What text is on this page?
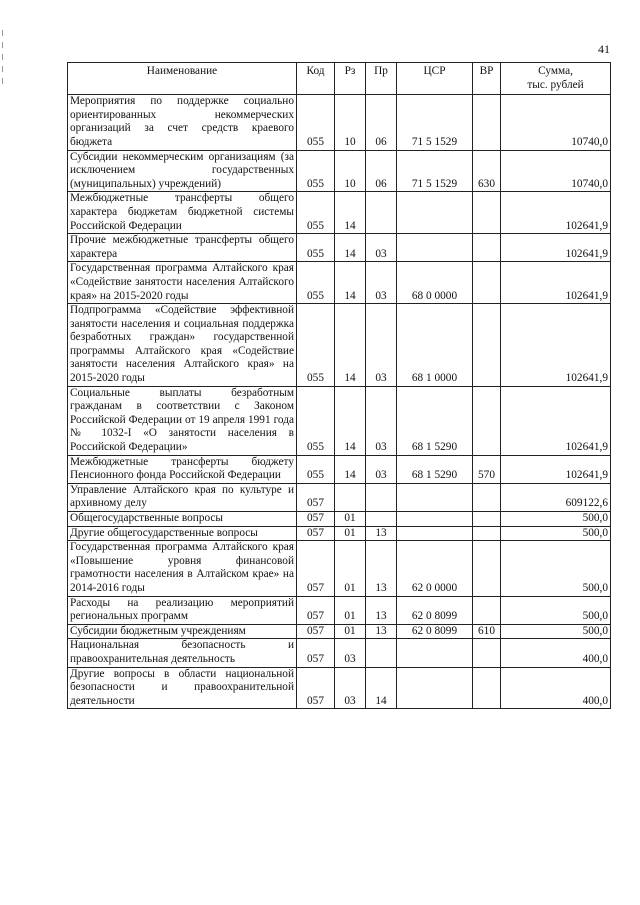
41
Наименование	Код	Рз	Пр	ЦСР	ВР	Сумма,
тыс. рублей
Мероприятия по поддержке социально ориентированных некоммерческих организаций за счет средств краевого бюджета	055	10	06	71 5 1529		10740,0
Субсидии некоммерческим организациям (за исключением государственных (муниципальных) учреждений)	055	10	06	71 5 1529	630	10740,0
Межбюджетные трансферты общего характера бюджетам бюджетной системы Российской Федерации	055	14				102641,9
Прочие межбюджетные трансферты общего характера	055	14	03			102641,9
Государственная программа Алтайского края «Содействие занятости населения Алтайского края» на 2015-2020 годы	055	14	03	68 0 0000		102641,9
Подпрограмма «Содействие эффективной занятости населения и социальная поддержка безработных граждан» государственной программы Алтайского края «Содействие занятости населения Алтайского края» на 2015-2020 годы	055	14	03	68 1 0000		102641,9
Социальные выплаты безработным гражданам в соответствии с Законом Российской Федерации от 19 апреля 1991 года № 1032-I «О занятости населения в Российской Федерации»	055	14	03	68 1 5290		102641,9
Межбюджетные трансферты бюджету Пенсионного фонда Российской Федерации	055	14	03	68 1 5290	570	102641,9
Управление Алтайского края по культуре и архивному делу	057					609122,6
Общегосударственные вопросы	057	01				500,0
Другие общегосударственные вопросы	057	01	13			500,0
Государственная программа Алтайского края «Повышение уровня финансовой грамотности населения в Алтайском крае» на 2014-2016 годы	057	01	13	62 0 0000		500,0
Расходы на реализацию мероприятий региональных программ	057	01	13	62 0 8099		500,0
Субсидии бюджетным учреждениям	057	01	13	62 0 8099	610	500,0
Национальная безопасность и правоохранительная деятельность	057	03				400,0
Другие вопросы в области национальной безопасности и правоохранительной деятельности	057	03	14			400,0
